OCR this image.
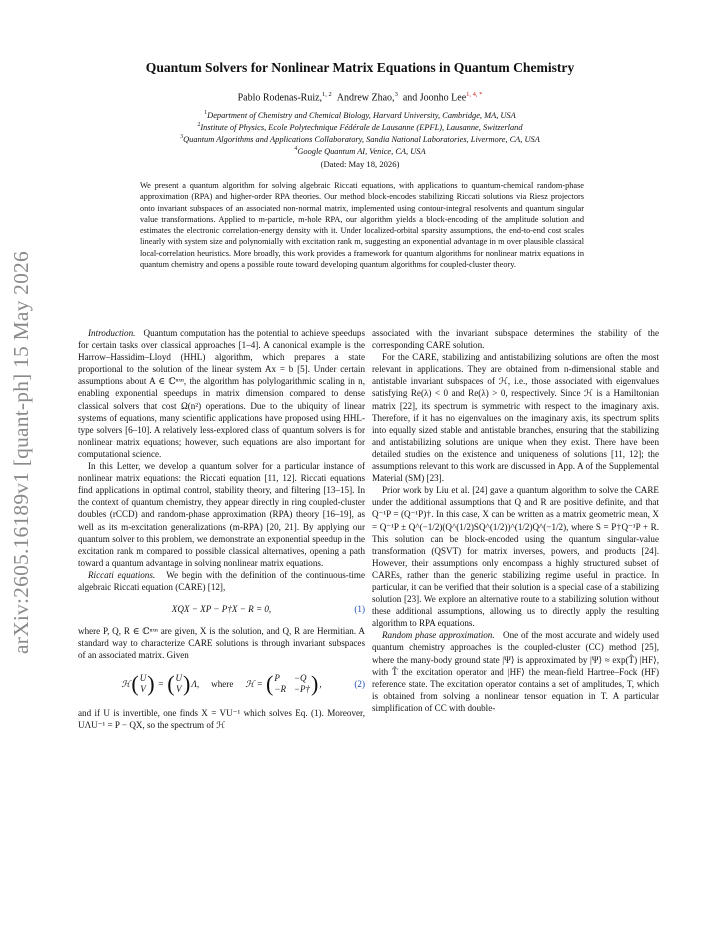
arXiv:2605.16189v1 [quant-ph] 15 May 2026
Quantum Solvers for Nonlinear Matrix Equations in Quantum Chemistry
Pablo Rodenas-Ruiz,$^{1, 2}$ Andrew Zhao,$^3$ and Joonho Lee$^{1, 4, *}$
$^1$Department of Chemistry and Chemical Biology, Harvard University, Cambridge, MA, USA
$^2$Institute of Physics, Ecole Polytechnique Fédérale de Lausanne (EPFL), Lausanne, Switzerland
$^3$Quantum Algorithms and Applications Collaboratory, Sandia National Laboratories, Livermore, CA, USA
$^4$Google Quantum AI, Venice, CA, USA
(Dated: May 18, 2026)
We present a quantum algorithm for solving algebraic Riccati equations, with applications to quantum-chemical random-phase approximation (RPA) and higher-order RPA theories. Our method block-encodes stabilizing Riccati solutions via Riesz projectors onto invariant subspaces of an associated non-normal matrix, implemented using contour-integral resolvents and quantum singular value transformations. Applied to m-particle, m-hole RPA, our algorithm yields a block-encoding of the amplitude solution and estimates the electronic correlation-energy density with it. Under localized-orbital sparsity assumptions, the end-to-end cost scales linearly with system size and polynomially with excitation rank m, suggesting an exponential advantage in m over plausible classical local-correlation heuristics. More broadly, this work provides a framework for quantum algorithms for nonlinear matrix equations in quantum chemistry and opens a possible route toward developing quantum algorithms for coupled-cluster theory.

Introduction. Quantum computation has the potential to achieve speedups for certain tasks over classical approaches [1–4]. A canonical example is the Harrow–Hassidim–Lloyd (HHL) algorithm, which prepares a state proportional to the solution of the linear system Ax = b [5]. Under certain assumptions about A ∈ ℂⁿˣⁿ, the algorithm has polylogarithmic scaling in n, enabling exponential speedups in matrix dimension compared to dense classical solvers that cost Ω(n²) operations. Due to the ubiquity of linear systems of equations, many scientific applications have proposed using HHL-type solvers [6–10]. A relatively less-explored class of quantum solvers is for nonlinear matrix equations; however, such equations are also important for computational science.

In this Letter, we develop a quantum solver for a particular instance of nonlinear matrix equations: the Riccati equation [11, 12]. Riccati equations find applications in optimal control, stability theory, and filtering [13–15]. In the context of quantum chemistry, they appear directly in ring coupled-cluster doubles (rCCD) and random-phase approximation (RPA) theory [16–19], as well as its m-excitation generalizations (m-RPA) [20, 21]. By applying our quantum solver to this problem, we demonstrate an exponential speedup in the excitation rank m compared to possible classical alternatives, opening a path toward a quantum advantage in solving nonlinear matrix equations.

Riccati equations. We begin with the definition of the continuous-time algebraic Riccati equation (CARE) [12],

XQX − XP − P†X − R = 0,	(1)

where P, Q, R ∈ ℂⁿˣⁿ are given, X is the solution, and Q, R are Hermitian. A standard way to characterize CARE solutions is through invariant subspaces of an associated matrix. Given

ℋ ( U
V ) = ( U
V ) Λ, where ℋ =
( P	−Q
−R −P† ) ,	(2)

and if U is invertible, one finds X = VU⁻¹ which solves Eq. (1). Moreover, UΛU⁻¹ = P − QX, so the spectrum of ℋ

associated with the invariant subspace determines the stability of the corresponding CARE solution.

For the CARE, stabilizing and antistabilizing solutions are often the most relevant in applications. They are obtained from n-dimensional stable and antistable invariant subspaces of ℋ, i.e., those associated with eigenvalues satisfying Re(λ) < 0 and Re(λ) > 0, respectively. Since ℋ is a Hamiltonian matrix [22], its spectrum is symmetric with respect to the imaginary axis. Therefore, if it has no eigenvalues on the imaginary axis, its spectrum splits into equally sized stable and antistable branches, ensuring that the stabilizing and antistabilizing solutions are unique when they exist. There have been detailed studies on the existence and uniqueness of solutions [11, 12]; the assumptions relevant to this work are discussed in App. A of the Supplemental Material (SM) [23].

Prior work by Liu et al. [24] gave a quantum algorithm to solve the CARE under the additional assumptions that Q and R are positive definite, and that Q⁻¹P = (Q⁻¹P)†. In this case, X can be written as a matrix geometric mean, X = Q⁻¹P ± Q^(−1/2)(Q^(1/2)SQ^(1/2))^(1/2)Q^(−1/2), where S = P†Q⁻¹P + R. This solution can be block-encoded using the quantum singular-value transformation (QSVT) for matrix inverses, powers, and products [24]. However, their assumptions only encompass a highly structured subset of CAREs, rather than the generic stabilizing regime useful in practice. In particular, it can be verified that their solution is a special case of a stabilizing solution [23]. We explore an alternative route to a stabilizing solution without these additional assumptions, allowing us to directly apply the resulting algorithm to RPA equations.

Random phase approximation. One of the most accurate and widely used quantum chemistry approaches is the coupled-cluster (CC) method [25], where the many-body ground state |Ψ⟩ is approximated by |Ψ⟩ ≈ exp(T̂) |HF⟩, with T̂ the excitation operator and |HF⟩ the mean-field Hartree–Fock (HF) reference state. The excitation operator contains a set of amplitudes, T, which is obtained from solving a nonlinear tensor equation in T. A particular simplification of CC with double-
